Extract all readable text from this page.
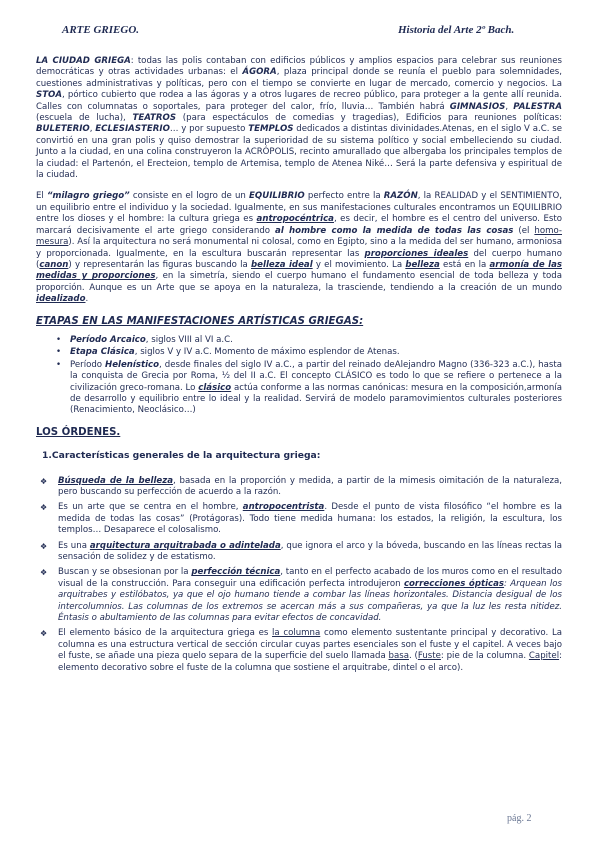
ARTE GRIEGO.	Historia del Arte 2º Bach.

LA CIUDAD GRIEGA: todas las polis contaban con edificios públicos y amplios espacios para celebrar sus reuniones democráticas y otras actividades urbanas: el ÁGORA, plaza principal donde se reunía el pueblo para solemnidades, cuestiones administrativas y políticas, pero con el tiempo se convierte en lugar de mercado, comercio y negocios. La STOA, pórtico cubierto que rodea a las ágoras y a otros lugares de recreo público, para proteger a la gente allí reunida. Calles con columnatas o soportales, para proteger del calor, frío, lluvia… También habrá GIMNASIOS, PALESTRA (escuela de lucha), TEATROS (para espectáculos de comedias y tragedias), Edificios para reuniones políticas: BULETERIO, ECLESIASTERIO… y por supuesto TEMPLOS dedicados a distintas divinidades.Atenas, en el siglo V a.C. se convirtió en una gran polis y quiso demostrar la superioridad de su sistema político y social embelleciendo su ciudad. Junto a la ciudad, en una colina construyeron la ACRÓPOLIS, recinto amurallado que albergaba los principales templos de la ciudad: el Partenón, el Erecteion, templo de Artemisa, templo de Atenea Niké… Será la parte defensiva y espiritual de la ciudad.

El “milagro griego” consiste en el logro de un EQUILIBRIO perfecto entre la RAZÓN, la REALIDAD y el SENTIMIENTO, un equilibrio entre el individuo y la sociedad. Igualmente, en sus manifestaciones culturales encontramos un EQUILIBRIO entre los dioses y el hombre: la cultura griega es antropocéntrica, es decir, el hombre es el centro del universo. Esto marcará decisivamente el arte griego considerando al hombre como la medida de todas las cosas (el homo-mesura). Así la arquitectura no será monumental ni colosal, como en Egipto, sino a la medida del ser humano, armoniosa y proporcionada. Igualmente, en la escultura buscarán representar las proporciones ideales del cuerpo humano (canon) y representarán las figuras buscando la belleza ideal y el movimiento. La belleza está en la armonía de las medidas y proporciones, en la simetría, siendo el cuerpo humano el fundamento esencial de toda belleza y toda proporción. Aunque es un Arte que se apoya en la naturaleza, la trasciende, tendiendo a la creación de un mundo idealizado.

ETAPAS EN LAS MANIFESTACIONES ARTÍSTICAS GRIEGAS:
• Período Arcaico, siglos VIII al VI a.C.
• Etapa Clásica, siglos V y IV a.C. Momento de máximo esplendor de Atenas.
• Período Helenístico, desde finales del siglo IV a.C., a partir del reinado deAlejandro Magno (336-323 a.C.), hasta la conquista de Grecia por Roma, ½ del II a.C. El concepto CLÁSICO es todo lo que se refiere o pertenece a la civilización greco-romana. Lo clásico actúa conforme a las normas canónicas: mesura en la composición,armonía de desarrollo y equilibrio entre lo ideal y la realidad. Servirá de modelo paramovimientos culturales posteriores (Renacimiento, Neoclásico…)
LOS ÓRDENES.
1.Características generales de la arquitectura griega:
❖ Búsqueda de la belleza, basada en la proporción y medida, a partir de la mimesis oimitación de la naturaleza, pero buscando su perfección de acuerdo a la razón.
❖ Es un arte que se centra en el hombre, antropocentrista. Desde el punto de vista filosófico “el hombre es la medida de todas las cosas” (Protágoras). Todo tiene medida humana: los estados, la religión, la escultura, los templos… Desaparece el colosalismo.
❖ Es una arquitectura arquitrabada o adintelada, que ignora el arco y la bóveda, buscando en las líneas rectas la sensación de solidez y de estatismo.
❖ Buscan y se obsesionan por la perfección técnica, tanto en el perfecto acabado de los muros como en el resultado visual de la construcción. Para conseguir una edificación perfecta introdujeron correcciones ópticas: Arquean los arquitrabes y estilóbatos, ya que el ojo humano tiende a combar las líneas horizontales. Distancia desigual de los intercolumnios. Las columnas de los extremos se acercan más a sus compañeras, ya que la luz les resta nitidez. Éntasis o abultamiento de las columnas para evitar efectos de concavidad.
❖ El elemento básico de la arquitectura griega es la columna como elemento sustentante principal y decorativo. La columna es una estructura vertical de sección circular cuyas partes esenciales son el fuste y el capitel. A veces bajo el fuste, se añade una pieza quelo separa de la superficie del suelo llamada basa. (Fuste: pie de la columna. Capitel: elemento decorativo sobre el fuste de la columna que sostiene el arquitrabe, dintel o el arco).
pág. 2
